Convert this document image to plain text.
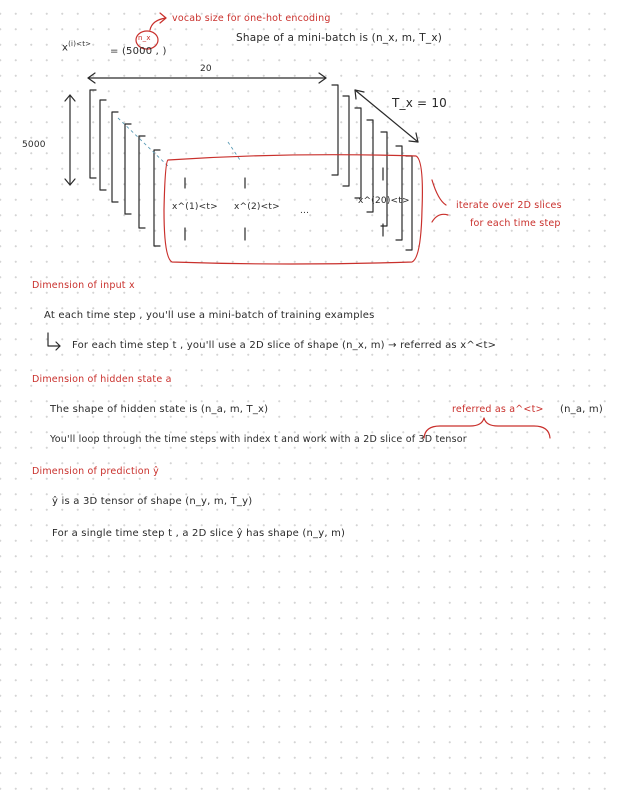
vocab size for one-hot encoding
n_x
$x^{(i)<t>}$
= (5000 , )
Shape of a mini-batch is (n_x, m, T_x)
20
5000
T_x = 10
x^(1)<t> x^(2)<t> ...
x^(20)<t>	iterate over 2D slices
for each time step
Dimension of input x
At each time step , you'll use a mini-batch of training examples
For each time step t , you'll use a 2D slice of shape (n_x, m) → referred as x^<t>
Dimension of hidden state a
The shape of hidden state is (n_a, m, T_x)	referred as a^<t> (n_a, m)
You'll loop through the time steps with index t and work with a 2D slice of 3D tensor
Dimension of prediction ŷ
ŷ is a 3D tensor of shape (n_y, m, T_y)
For a single time step t , a 2D slice ŷ has shape (n_y, m)
